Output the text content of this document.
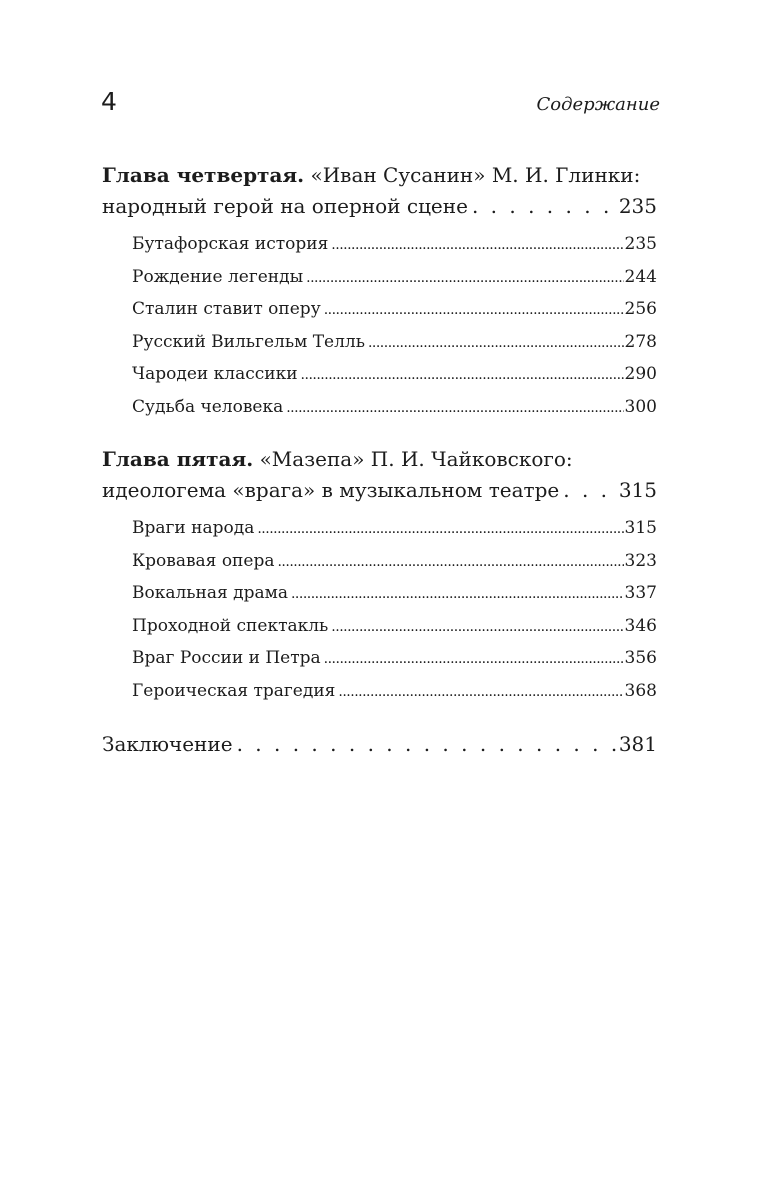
4	Содержание
Глава четвертая. «Иван Сусанин» М. И. Глинки:
народный герой на оперной сцене . . .	235
Бутафорская история .....	235
Рождение легенды .....	244
Сталин ставит оперу .....	256
Русский Вильгельм Телль .....	278
Чародеи классики .....	290
Судьба человека .....	300
Глава пятая. «Мазепа» П. И. Чайковского:
идеологема «врага» в музыкальном театре . . .	315
Враги народа .....	315
Кровавая опера .....	323
Вокальная драма .....	337
Проходной спектакль .....	346
Враг России и Петра .....	356
Героическая трагедия .....	368
Заключение . . .	381
